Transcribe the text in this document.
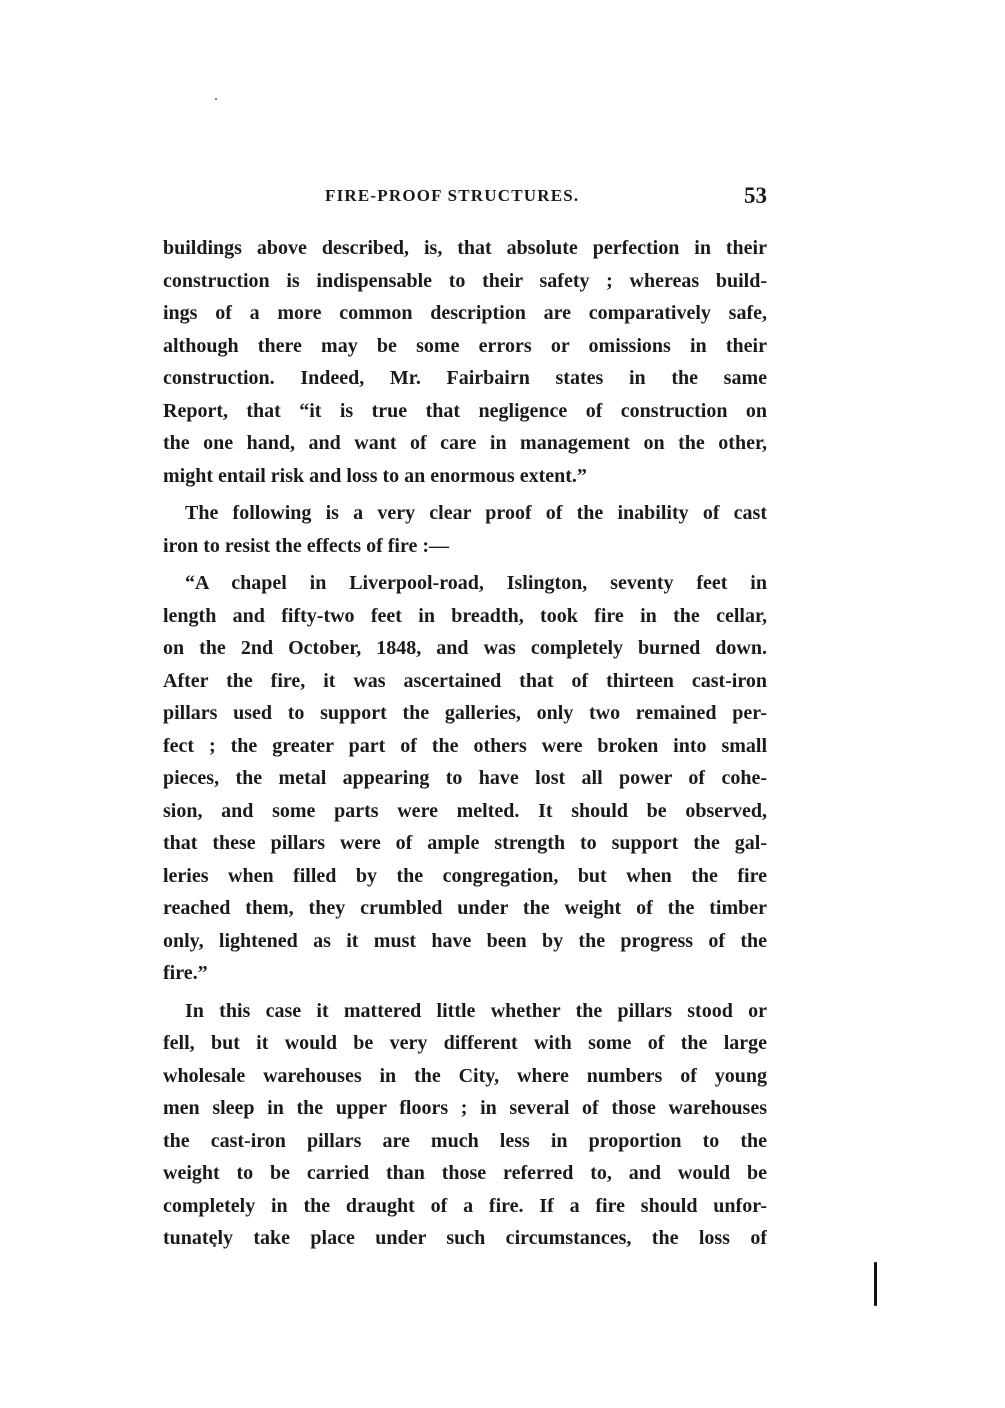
FIRE-PROOF STRUCTURES.	53
buildings above described, is, that absolute perfection in their
construction is indispensable to their safety ; whereas build-
ings of a more common description are comparatively safe,
although there may be some errors or omissions in their
construction. Indeed, Mr. Fairbairn states in the same
Report, that “it is true that negligence of construction on
the one hand, and want of care in management on the other,
might entail risk and loss to an enormous extent.”
The following is a very clear proof of the inability of cast
iron to resist the effects of fire :—
“A chapel in Liverpool-road, Islington, seventy feet in
length and fifty-two feet in breadth, took fire in the cellar,
on the 2nd October, 1848, and was completely burned down.
After the fire, it was ascertained that of thirteen cast-iron
pillars used to support the galleries, only two remained per-
fect ; the greater part of the others were broken into small
pieces, the metal appearing to have lost all power of cohe-
sion, and some parts were melted. It should be observed,
that these pillars were of ample strength to support the gal-
leries when filled by the congregation, but when the fire
reached them, they crumbled under the weight of the timber
only, lightened as it must have been by the progress of the
fire.”
In this case it mattered little whether the pillars stood or
fell, but it would be very different with some of the large
wholesale warehouses in the City, where numbers of young
men sleep in the upper floors ; in several of those warehouses
the cast-iron pillars are much less in proportion to the
weight to be carried than those referred to, and would be
completely in the draught of a fire. If a fire should unfor-
tunately take place under such circumstances, the loss of
